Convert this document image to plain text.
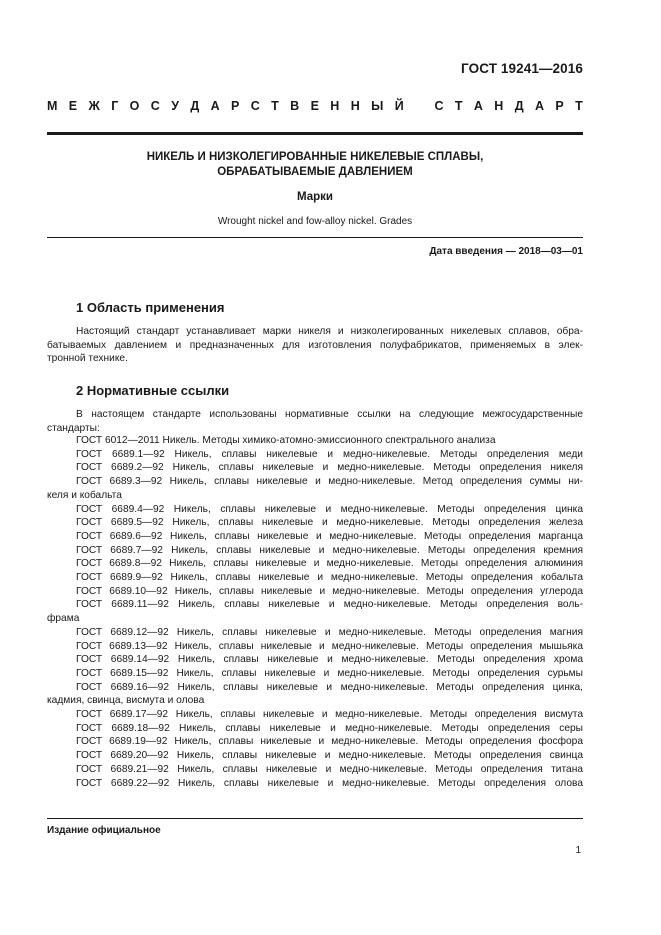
ГОСТ 19241—2016
М Е Ж Г О С У Д А Р С Т В Е Н Н Ы Й С Т А Н Д А Р Т
НИКЕЛЬ И НИЗКОЛЕГИРОВАННЫЕ НИКЕЛЕВЫЕ СПЛАВЫ,
ОБРАБАТЫВАЕМЫЕ ДАВЛЕНИЕМ
Марки
Wrought nickel and fow-alloy nickel. Grades
Дата введения — 2018—03—01
1 Область применения
Настоящий стандарт устанавливает марки никеля и низколегированных никелевых сплавов, обра-
батываемых давлением и предназначенных для изготовления полуфабрикатов, применяемых в элек-
тронной технике.
2 Нормативные ссылки
В настоящем стандарте использованы нормативные ссылки на следующие межгосударственные
стандарты:
ГОСТ 6012—2011 Никель. Методы химико-атомно-эмиссионного спектрального анализа
ГОСТ 6689.1—92 Никель, сплавы никелевые и медно-никелевые. Методы определения меди
ГОСТ 6689.2—92 Никель, сплавы никелевые и медно-никелевые. Методы определения никеля
ГОСТ 6689.3—92 Никель, сплавы никелевые и медно-никелевые. Метод определения суммы ни-
келя и кобальта
ГОСТ 6689.4—92 Никель, сплавы никелевые и медно-никелевые. Методы определения цинка
ГОСТ 6689.5—92 Никель, сплавы никелевые и медно-никелевые. Методы определения железа
ГОСТ 6689.6—92 Никель, сплавы никелевые и медно-никелевые. Методы определения марганца
ГОСТ 6689.7—92 Никель, сплавы никелевые и медно-никелевые. Методы определения кремния
ГОСТ 6689.8—92 Никель, сплавы никелевые и медно-никелевые. Методы определения алюминия
ГОСТ 6689.9—92 Никель, сплавы никелевые и медно-никелевые. Методы определения кобальта
ГОСТ 6689.10—92 Никель, сплавы никелевые и медно-никелевые. Методы определения углерода
ГОСТ 6689.11—92 Никель, сплавы никелевые и медно-никелевые. Методы определения воль-
фрама
ГОСТ 6689.12—92 Никель, сплавы никелевые и медно-никелевые. Методы определения магния
ГОСТ 6689.13—92 Никель, сплавы никелевые и медно-никелевые. Методы определения мышьяка
ГОСТ 6689.14—92 Никель, сплавы никелевые и медно-никелевые. Методы определения хрома
ГОСТ 6689.15—92 Никель, сплавы никелевые и медно-никелевые. Методы определения сурьмы
ГОСТ 6689.16—92 Никель, сплавы никелевые и медно-никелевые. Методы определения цинка,
кадмия, свинца, висмута и олова
ГОСТ 6689.17—92 Никель, сплавы никелевые и медно-никелевые. Методы определения висмута
ГОСТ 6689.18—92 Никель, сплавы никелевые и медно-никелевые. Методы определения серы
ГОСТ 6689.19—92 Никель, сплавы никелевые и медно-никелевые. Методы определения фосфора
ГОСТ 6689.20—92 Никель, сплавы никелевые и медно-никелевые. Методы определения свинца
ГОСТ 6689.21—92 Никель, сплавы никелевые и медно-никелевые. Методы определения титана
ГОСТ 6689.22—92 Никель, сплавы никелевые и медно-никелевые. Методы определения олова
Издание официальное
1
